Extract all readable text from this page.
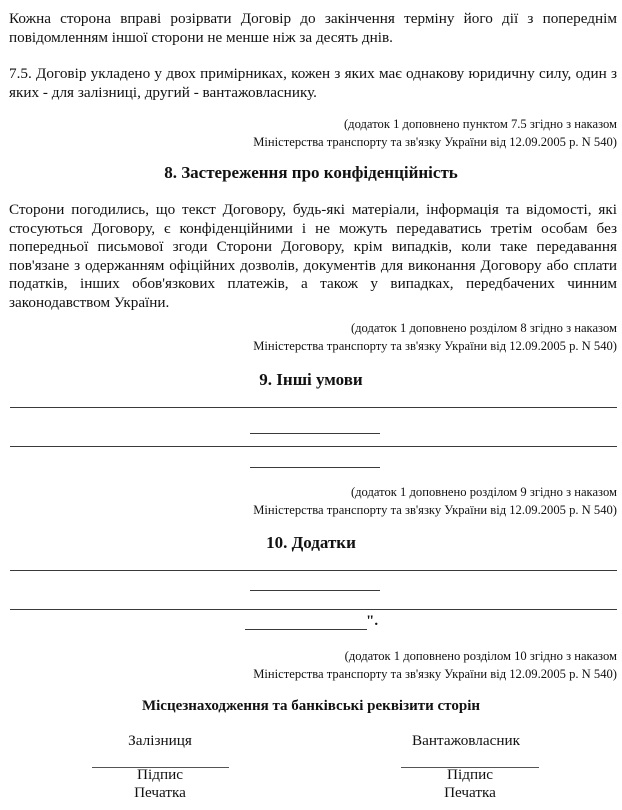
Кожна сторона вправі розірвати Договір до закінчення терміну його дії з попереднім повідомленням іншої сторони не менше ніж за десять днів.
7.5. Договір укладено у двох примірниках, кожен з яких має однакову юридичну силу, один з яких - для залізниці, другий - вантажовласнику.
(додаток 1 доповнено пунктом 7.5 згідно з наказом
Міністерства транспорту та зв'язку України від 12.09.2005 р. N 540)
8. Застереження про конфіденційність
Сторони погодились, що текст Договору, будь-які матеріали, інформація та відомості, які стосуються Договору, є конфіденційними і не можуть передаватись третім особам без попередньої письмової згоди Сторони Договору, крім випадків, коли таке передавання пов'язане з одержанням офіційних дозволів, документів для виконання Договору або сплати податків, інших обов'язкових платежів, а також у випадках, передбачених чинним законодавством України.
(додаток 1 доповнено розділом 8 згідно з наказом
Міністерства транспорту та зв'язку України від 12.09.2005 р. N 540)
9. Інші умови
(додаток 1 доповнено розділом 9 згідно з наказом
Міністерства транспорту та зв'язку України від 12.09.2005 р. N 540)
10. Додатки
".
(додаток 1 доповнено розділом 10 згідно з наказом
Міністерства транспорту та зв'язку України від 12.09.2005 р. N 540)
Місцезнаходження та банківські реквізити сторін
Залізниця
Підпис
Печатка
Вантажовласник
Підпис
Печатка
